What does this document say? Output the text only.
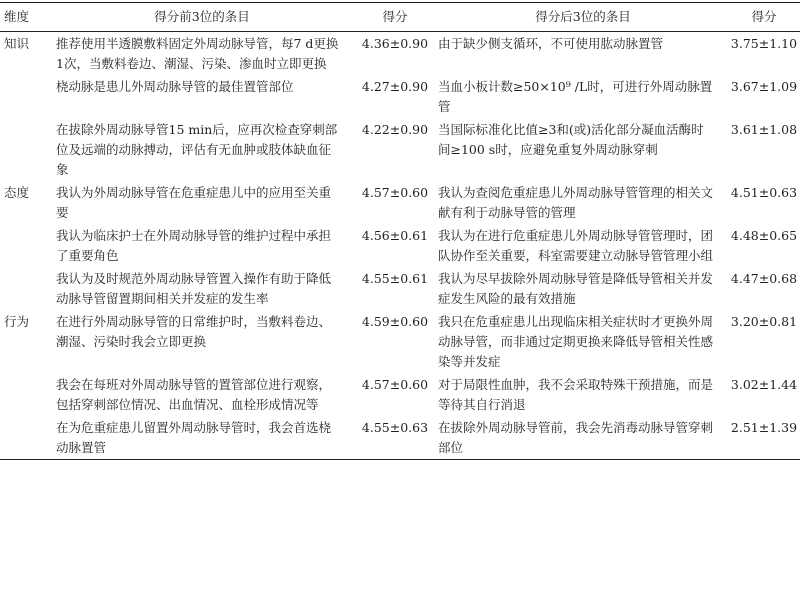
维度	得分前3位的条目	得分	得分后3位的条目	得分
知识	推荐使用半透膜敷料固定外周动脉导管，每7 d更换1次，当敷料卷边、潮湿、污染、渗血时立即更换	4.36±0.90	由于缺少侧支循环，不可使用肱动脉置管	3.75±1.10
	桡动脉是患儿外周动脉导管的最佳置管部位	4.27±0.90	当血小板计数≥50×10⁹ /L时，可进行外周动脉置管	3.67±1.09
	在拔除外周动脉导管15 min后，应再次检查穿刺部位及远端的动脉搏动，评估有无血肿或肢体缺血征象	4.22±0.90	当国际标准化比值≥3和(或)活化部分凝血活酶时间≥100 s时，应避免重复外周动脉穿刺	3.61±1.08
态度	我认为外周动脉导管在危重症患儿中的应用至关重要	4.57±0.60	我认为查阅危重症患儿外周动脉导管管理的相关文献有利于动脉导管的管理	4.51±0.63
	我认为临床护士在外周动脉导管的维护过程中承担了重要角色	4.56±0.61	我认为在进行危重症患儿外周动脉导管管理时，团队协作至关重要，科室需要建立动脉导管管理小组	4.48±0.65
	我认为及时规范外周动脉导管置入操作有助于降低动脉导管留置期间相关并发症的发生率	4.55±0.61	我认为尽早拔除外周动脉导管是降低导管相关并发症发生风险的最有效措施	4.47±0.68
行为	在进行外周动脉导管的日常维护时，当敷料卷边、潮湿、污染时我会立即更换	4.59±0.60	我只在危重症患儿出现临床相关症状时才更换外周动脉导管，而非通过定期更换来降低导管相关性感染等并发症	3.20±0.81
	我会在每班对外周动脉导管的置管部位进行观察，包括穿刺部位情况、出血情况、血栓形成情况等	4.57±0.60	对于局限性血肿，我不会采取特殊干预措施，而是等待其自行消退	3.02±1.44
	在为危重症患儿留置外周动脉导管时，我会首选桡动脉置管	4.55±0.63	在拔除外周动脉导管前，我会先消毒动脉导管穿刺部位	2.51±1.39
